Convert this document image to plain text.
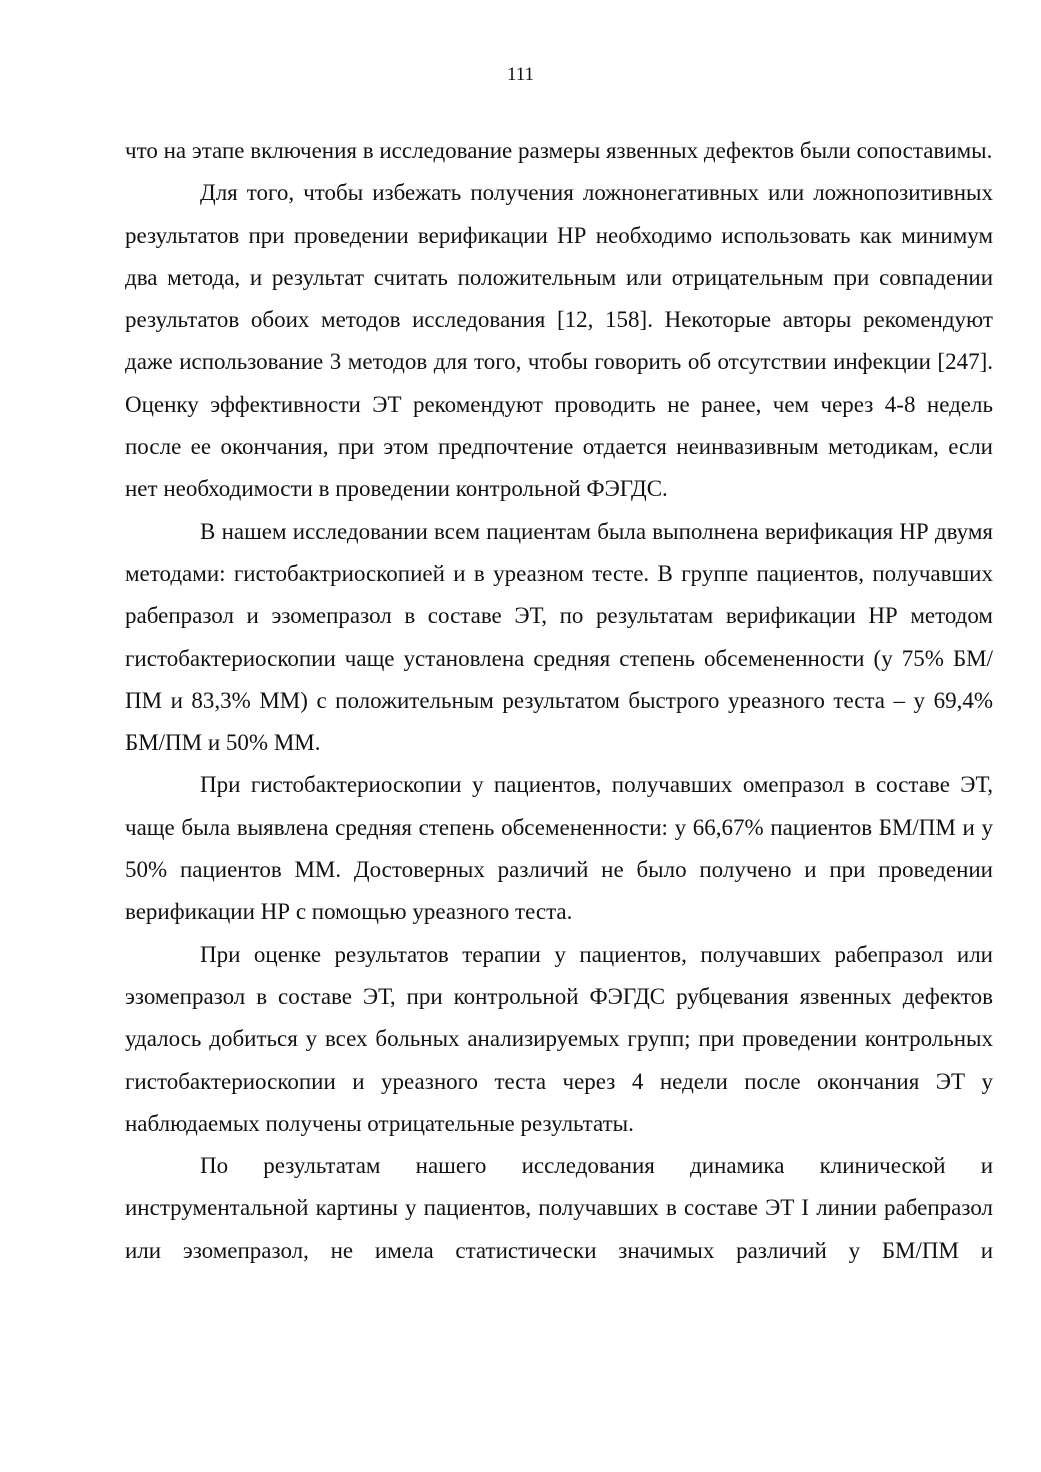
111

что на этапе включения в исследование размеры язвенных дефектов были сопоставимы.

Для того, чтобы избежать получения ложнонегативных или ложнопозитивных результатов при проведении верификации НР необходимо использовать как минимум два метода, и результат считать положительным или отрицательным при совпадении результатов обоих методов исследования [12, 158]. Некоторые авторы рекомендуют даже использование 3 методов для того, чтобы говорить об отсутствии инфекции [247]. Оценку эффективности ЭТ рекомендуют проводить не ранее, чем через 4-8 недель после ее окончания, при этом предпочтение отдается неинвазивным методикам, если нет необходимости в проведении контрольной ФЭГДС.

В нашем исследовании всем пациентам была выполнена верификация НР двумя методами: гистобактриоскопией и в уреазном тесте. В группе пациентов, получавших рабепразол и эзомепразол в составе ЭТ, по результатам верификации НР методом гистобактериоскопии чаще установлена средняя степень обсемененности (у 75% БМ/ПМ и 83,3% ММ) с положительным результатом быстрого уреазного теста – у 69,4% БМ/ПМ и 50% ММ.

При гистобактериоскопии у пациентов, получавших омепразол в составе ЭТ, чаще была выявлена средняя степень обсемененности: у 66,67% пациентов БМ/ПМ и у 50% пациентов ММ. Достоверных различий не было получено и при проведении верификации НР с помощью уреазного теста.

При оценке результатов терапии у пациентов, получавших рабепразол или эзомепразол в составе ЭТ, при контрольной ФЭГДС рубцевания язвенных дефектов удалось добиться у всех больных анализируемых групп; при проведении контрольных гистобактериоскопии и уреазного теста через 4 недели после окончания ЭТ у наблюдаемых получены отрицательные результаты.

По результатам нашего исследования динамика клинической и инструментальной картины у пациентов, получавших в составе ЭТ I линии рабепразол или эзомепразол, не имела статистически значимых различий у БМ/ПМ и
